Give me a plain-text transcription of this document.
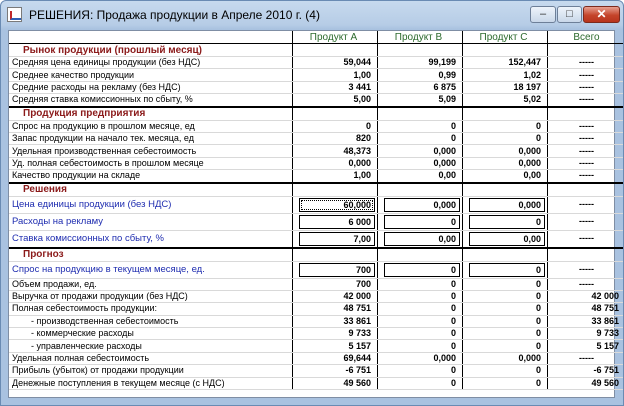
РЕШЕНИЯ: Продажа продукции в Апреле 2010 г. (4)	–	□	✕
	Продукт A	Продукт B	Продукт C	Всего
Рынок продукции (прошлый месяц)				
Средняя цена единицы продукции (без НДС)	59,044	99,199	152,447	-----
Среднее качество продукции	1,00	0,99	1,02	-----
Средние расходы на рекламу (без НДС)	3 441	6 875	18 197	-----
Средняя ставка комиссионных по сбыту, %	5,00	5,09	5,02	-----
Продукция предприятия				
Спрос на продукцию в прошлом месяце, ед	0	0	0	-----
Запас продукции на начало тек. месяца, ед	820	0	0	-----
Удельная производственная себестоимость	48,373	0,000	0,000	-----
Уд. полная себестоимость в прошлом месяце	0,000	0,000	0,000	-----
Качество продукции на складе	1,00	0,00	0,00	-----
Решения				
Цена единицы продукции (без НДС)	60,000	0,000	0,000	-----
Расходы на рекламу	6 000	0	0	-----
Ставка комиссионных по сбыту, %	7,00	0,00	0,00	-----
Прогноз				
Спрос на продукцию в текущем месяце, ед.	700	0	0	-----
Объем продажи, ед.	700	0	0	-----
Выручка от продажи продукции (без НДС)	42 000	0	0	42 000
Полная себестоимость продукции:	48 751	0	0	48 751
- производственная себестоимость	33 861	0	0	33 861
- коммерческие расходы	9 733	0	0	9 733
- управленческие расходы	5 157	0	0	5 157
Удельная полная себестоимость	69,644	0,000	0,000	-----
Прибыль (убыток) от продажи продукции	-6 751	0	0	-6 751
Денежные поступления в текущем месяце (с НДС)	49 560	0	0	49 560
